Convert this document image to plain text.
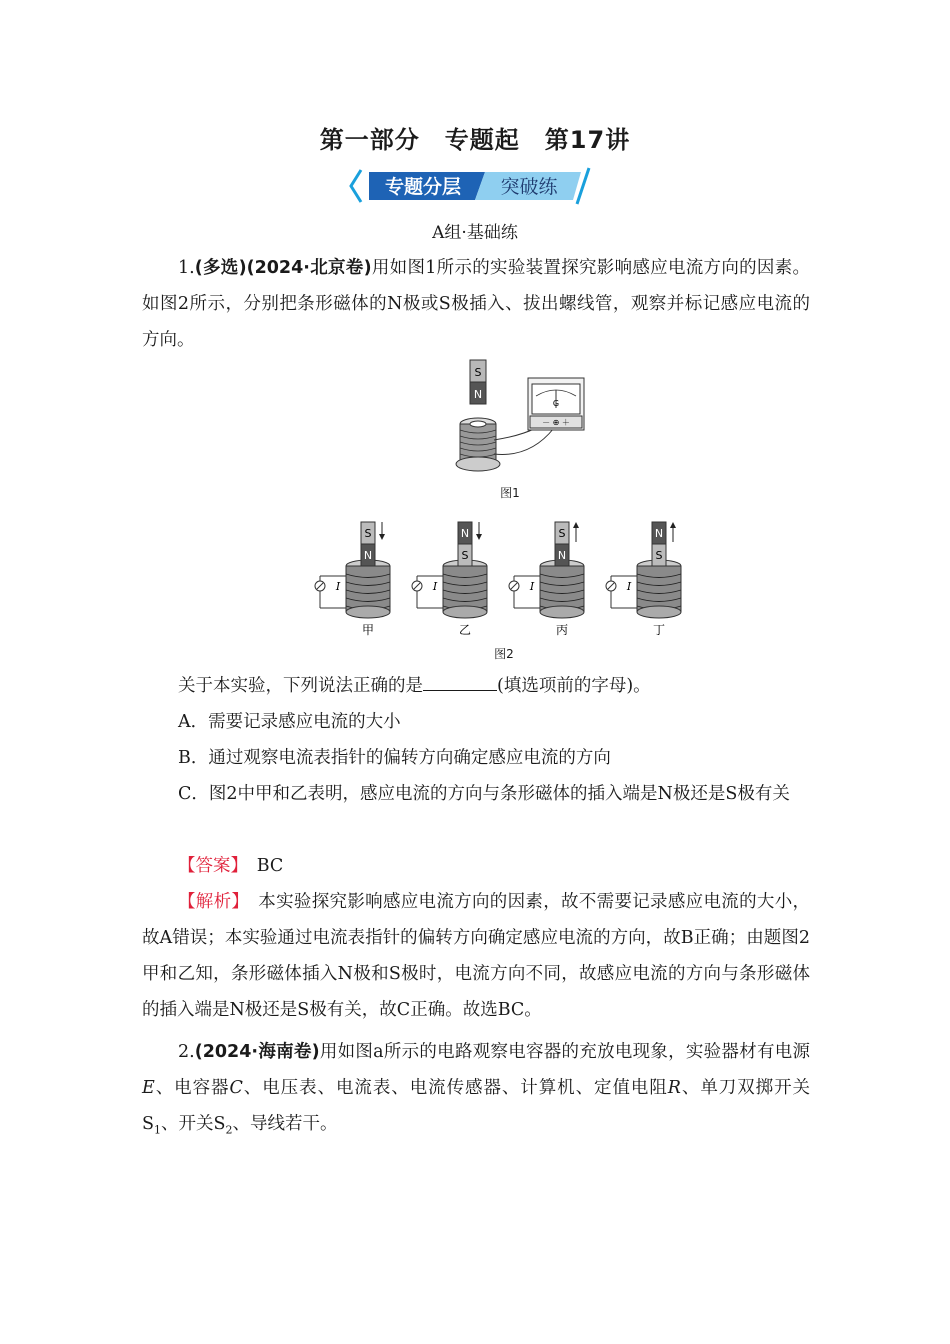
第一部分　专题起　第17讲
专题分层 突破练
A组·基础练

1.(多选)(2024·北京卷)用如图1所示的实验装置探究影响感应电流方向的因素。如图2所示，分别把条形磁体的N极或S极插入、拔出螺线管，观察并标记感应电流的方向。

S
N
G
－ ⊕ ＋
图1
S
N
I
甲
N
S
I
乙
S
N
I
丙
N
S
I
丁
图2

关于本实验，下列说法正确的是	(填选项前的字母)。

A．需要记录感应电流的大小

B．通过观察电流表指针的偏转方向确定感应电流的方向

C．图2中甲和乙表明，感应电流的方向与条形磁体的插入端是N极还是S极有关

【答案】　 BC

【解析】　 本实验探究影响感应电流方向的因素，故不需要记录感应电流的大小，故A错误；本实验通过电流表指针的偏转方向确定感应电流的方向，故B正确；由题图2甲和乙知，条形磁体插入N极和S极时，电流方向不同，故感应电流的方向与条形磁体的插入端是N极还是S极有关，故C正确。故选BC。

2.(2024·海南卷)用如图a所示的电路观察电容器的充放电现象，实验器材有电源E、电容器C、电压表、电流表、电流传感器、计算机、定值电阻R、单刀双掷开关$S_1$、开关$S_2$、导线若干。
